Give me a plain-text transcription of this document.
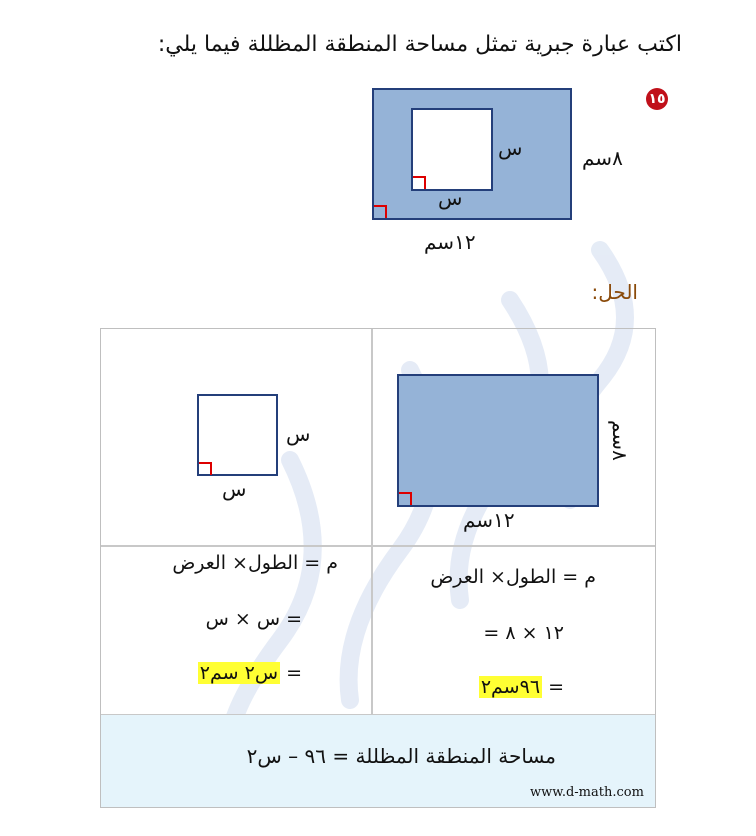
اكتب عبارة جبرية تمثل مساحة المنطقة المظللة فيما يلي:
١٥
س
س
٨سم
١٢سم
الحل:
٨سم
١٢سم
س
س
م = الطول× العرض
= ١٢ × ٨
= ٩٦سم٢
م = الطول× العرض
= س × س
= س٢ سم٢
مساحة المنطقة المظللة = ٩٦ – س٢
www.d-math.com
